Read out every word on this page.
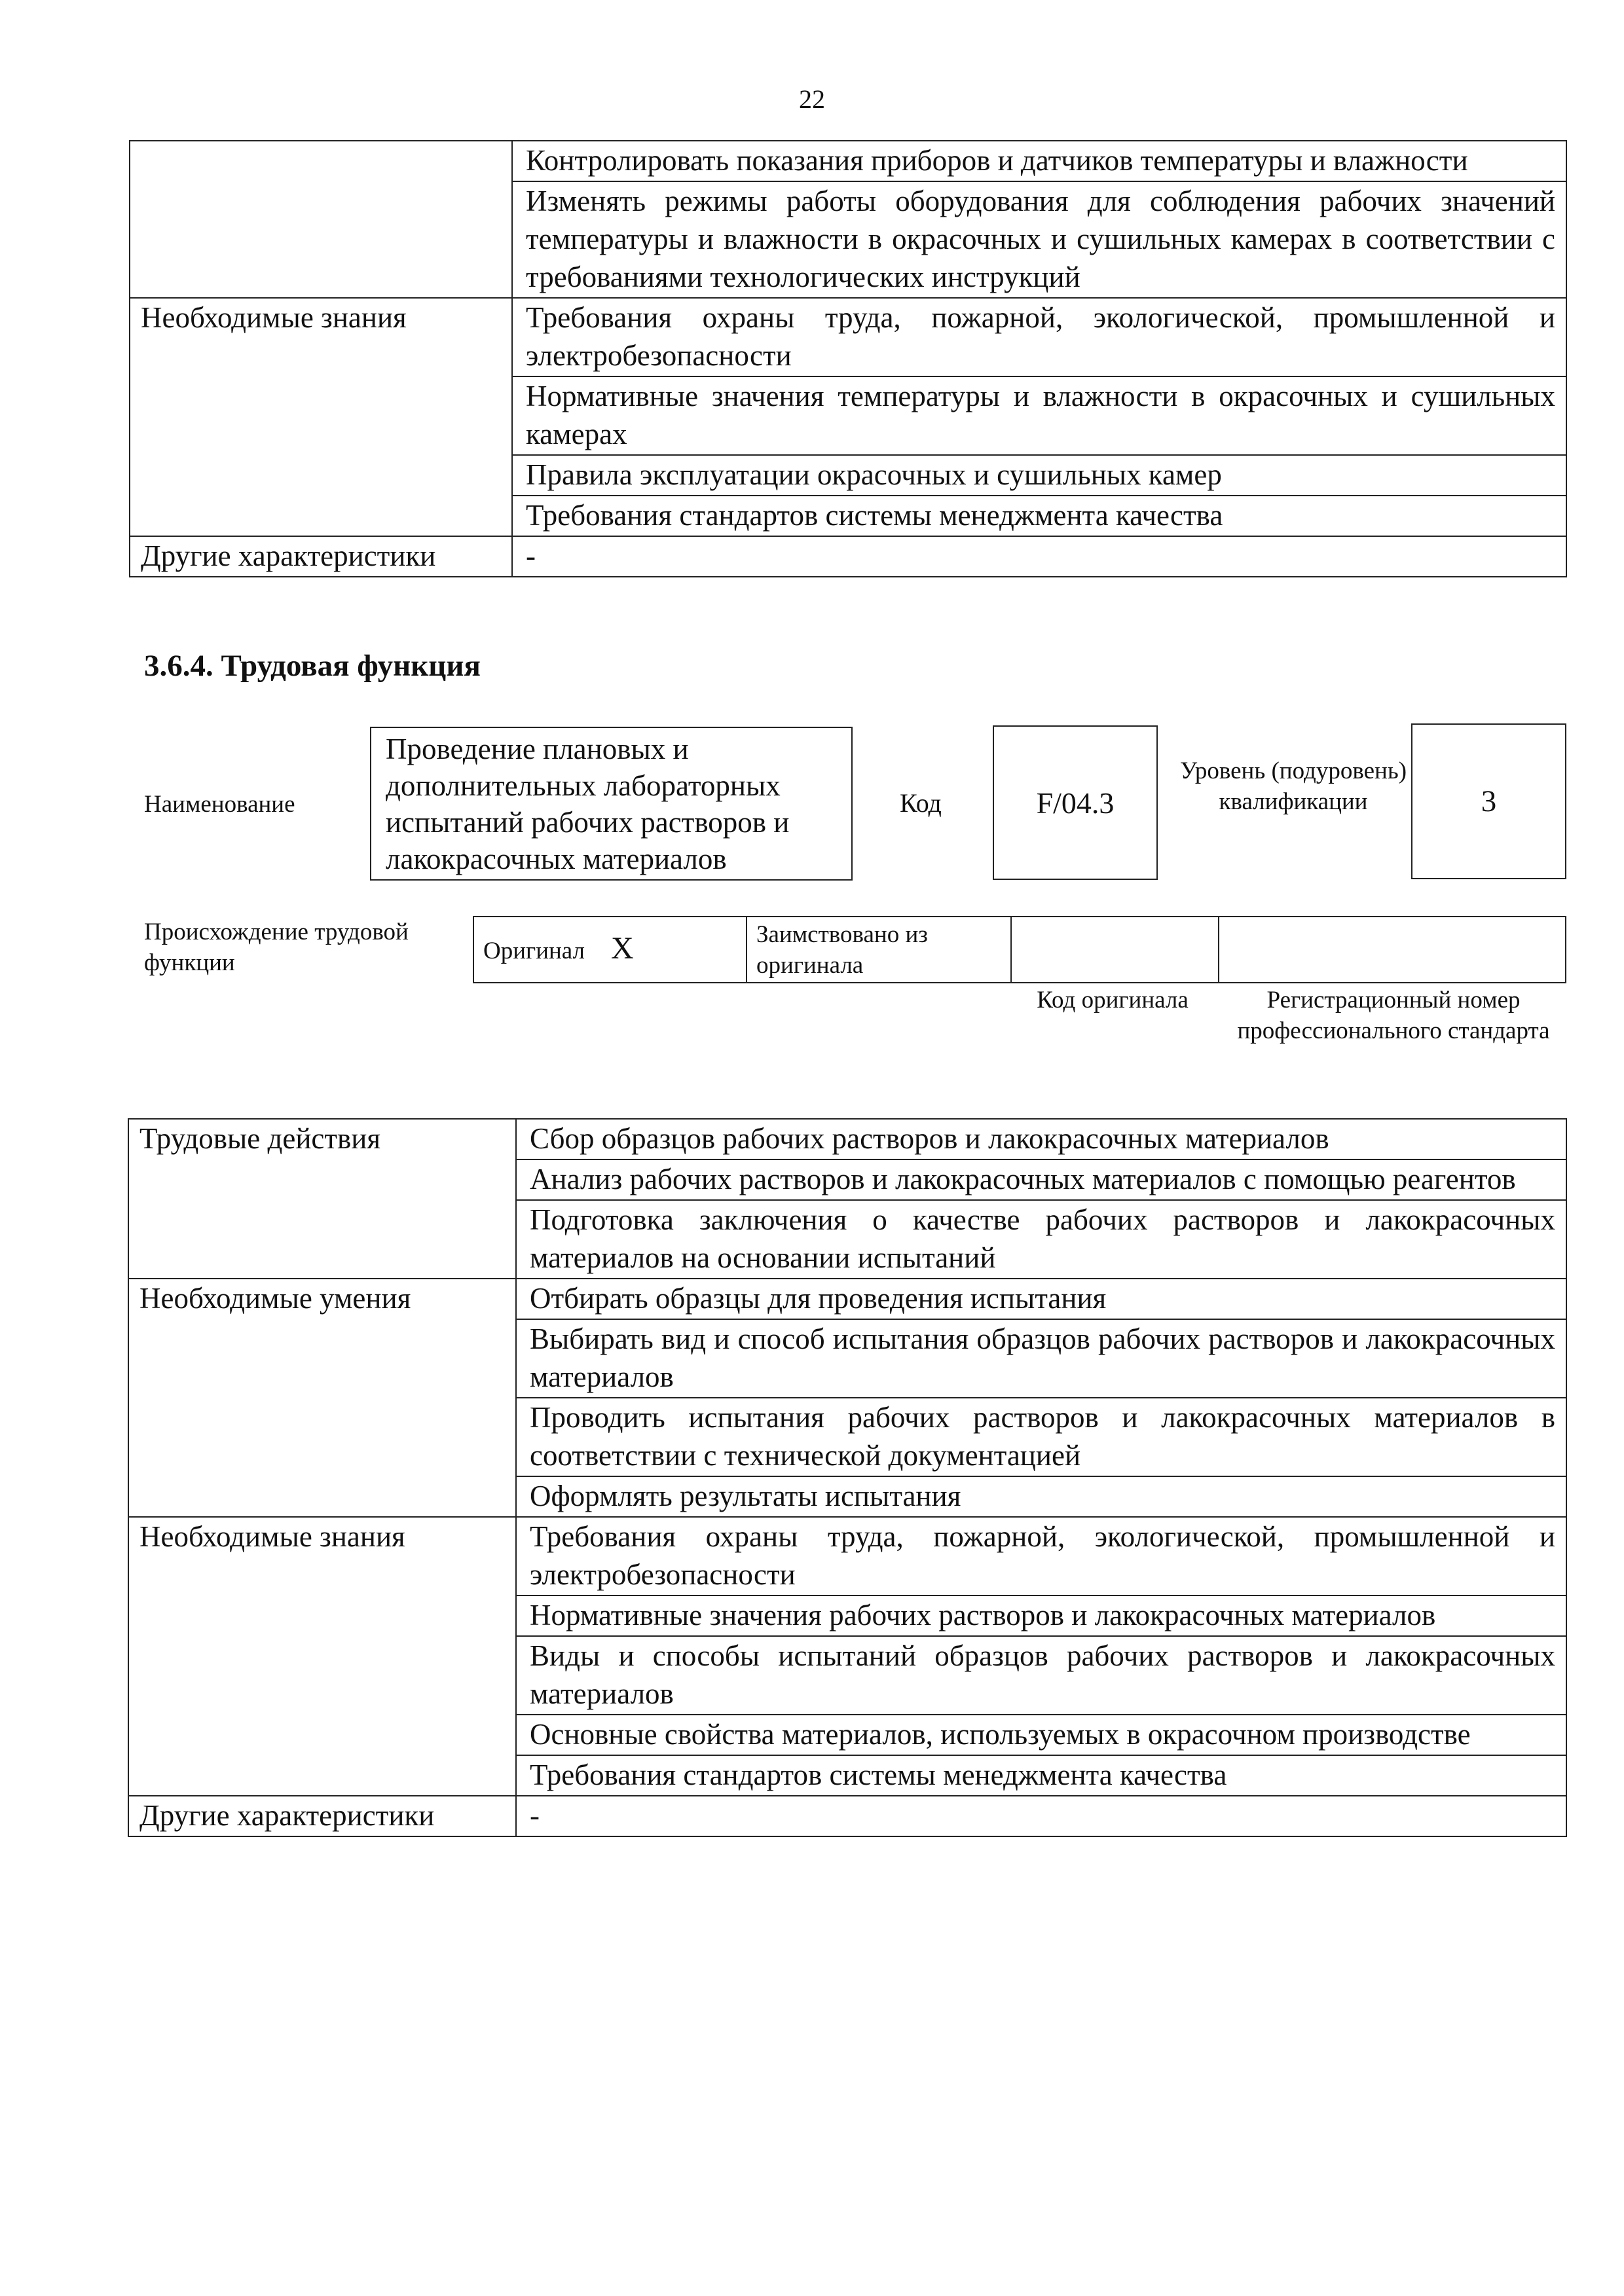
22
	Контролировать показания приборов и датчиков температуры и влажности
	Изменять режимы работы оборудования для соблюдения рабочих значений температуры и влажности в окрасочных и сушильных камерах в соответствии с требованиями технологических инструкций
Необходимые знания	Требования охраны труда, пожарной, экологической, промышленной и электробезопасности
	Нормативные значения температуры и влажности в окрасочных и сушильных камерах
	Правила эксплуатации окрасочных и сушильных камер
	Требования стандартов системы менеджмента качества
Другие характеристики	-
3.6.4. Трудовая функция
Наименование
Проведение плановых и дополнительных лабораторных испытаний рабочих растворов и лакокрасочных материалов
Код	F/04.3
Уровень (подуровень) квалификации	3
Происхождение трудовой функции	Оригинал X	Заимствовано из оригинала		
Код оригинала	Регистрационный номер профессионального стандарта
Трудовые действия	Сбор образцов рабочих растворов и лакокрасочных материалов
	Анализ рабочих растворов и лакокрасочных материалов с помощью реагентов
	Подготовка заключения о качестве рабочих растворов и лакокрасочных материалов на основании испытаний
Необходимые умения	Отбирать образцы для проведения испытания
	Выбирать вид и способ испытания образцов рабочих растворов и лакокрасочных материалов
	Проводить испытания рабочих растворов и лакокрасочных материалов в соответствии с технической документацией
	Оформлять результаты испытания
Необходимые знания	Требования охраны труда, пожарной, экологической, промышленной и электробезопасности
	Нормативные значения рабочих растворов и лакокрасочных материалов
	Виды и способы испытаний образцов рабочих растворов и лакокрасочных материалов
	Основные свойства материалов, используемых в окрасочном производстве
	Требования стандартов системы менеджмента качества
Другие характеристики	-
